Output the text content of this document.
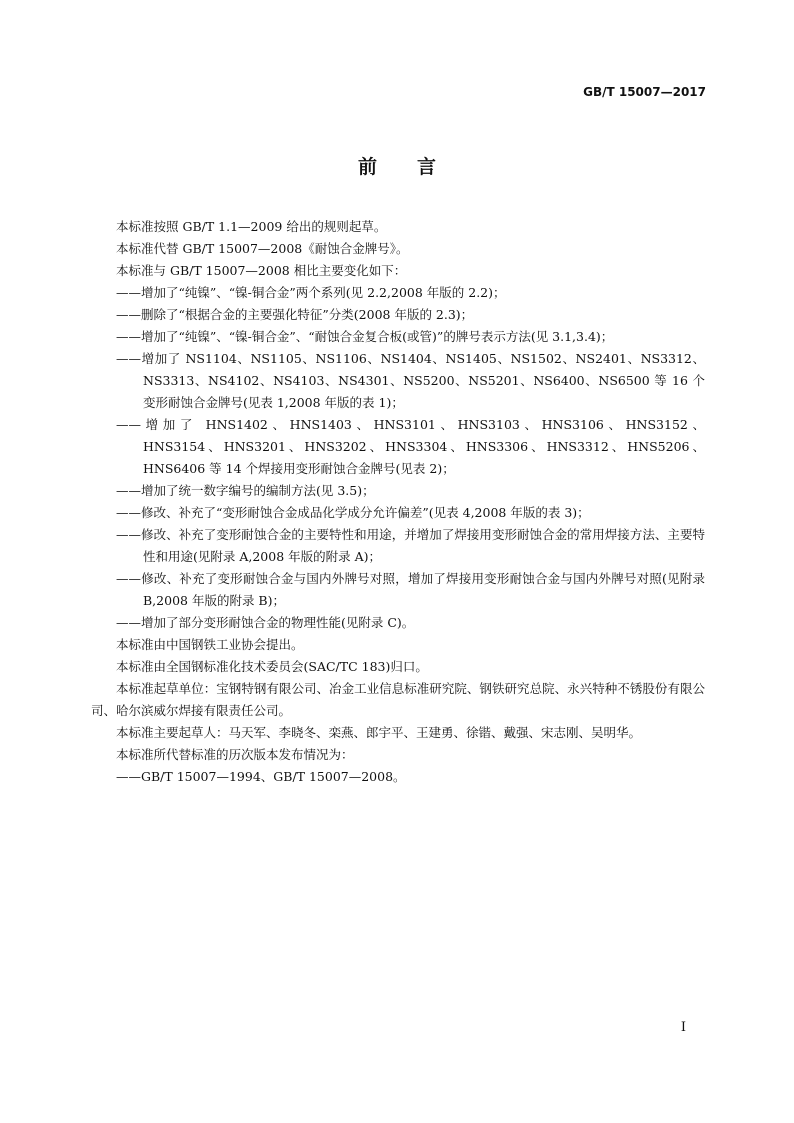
GB/T 15007—2017
前言

本标准按照 GB/T 1.1—2009 给出的规则起草。

本标准代替 GB/T 15007—2008《耐蚀合金牌号》。

本标准与 GB/T 15007—2008 相比主要变化如下：

——增加了“纯镍”、“镍-铜合金”两个系列(见 2.2,2008 年版的 2.2)；

——删除了“根据合金的主要强化特征”分类(2008 年版的 2.3)；

——增加了“纯镍”、“镍-铜合金”、“耐蚀合金复合板(或管)”的牌号表示方法(见 3.1,3.4)；

——增加了 NS1104、NS1105、NS1106、NS1404、NS1405、NS1502、NS2401、NS3312、NS3313、NS4102、NS4103、NS4301、NS5200、NS5201、NS6400、NS6500 等 16 个变形耐蚀合金牌号(见表 1,2008 年版的表 1)；

——增加了 HNS1402、HNS1403、HNS3101、HNS3103、HNS3106、HNS3152、HNS3154、HNS3201、HNS3202、HNS3304、HNS3306、HNS3312、HNS5206、HNS6406 等 14 个焊接用变形耐蚀合金牌号(见表 2)；

——增加了统一数字编号的编制方法(见 3.5)；

——修改、补充了“变形耐蚀合金成品化学成分允许偏差”(见表 4,2008 年版的表 3)；

——修改、补充了变形耐蚀合金的主要特性和用途，并增加了焊接用变形耐蚀合金的常用焊接方法、主要特性和用途(见附录 A,2008 年版的附录 A)；

——修改、补充了变形耐蚀合金与国内外牌号对照，增加了焊接用变形耐蚀合金与国内外牌号对照(见附录 B,2008 年版的附录 B)；

——增加了部分变形耐蚀合金的物理性能(见附录 C)。

本标准由中国钢铁工业协会提出。

本标准由全国钢标准化技术委员会(SAC/TC 183)归口。

本标准起草单位：宝钢特钢有限公司、冶金工业信息标准研究院、钢铁研究总院、永兴特种不锈股份有限公司、哈尔滨威尔焊接有限责任公司。

本标准主要起草人：马天军、李晓冬、栾燕、郎宇平、王建勇、徐锴、戴强、宋志刚、吴明华。

本标准所代替标准的历次版本发布情况为：

——GB/T 15007—1994、GB/T 15007—2008。

I
